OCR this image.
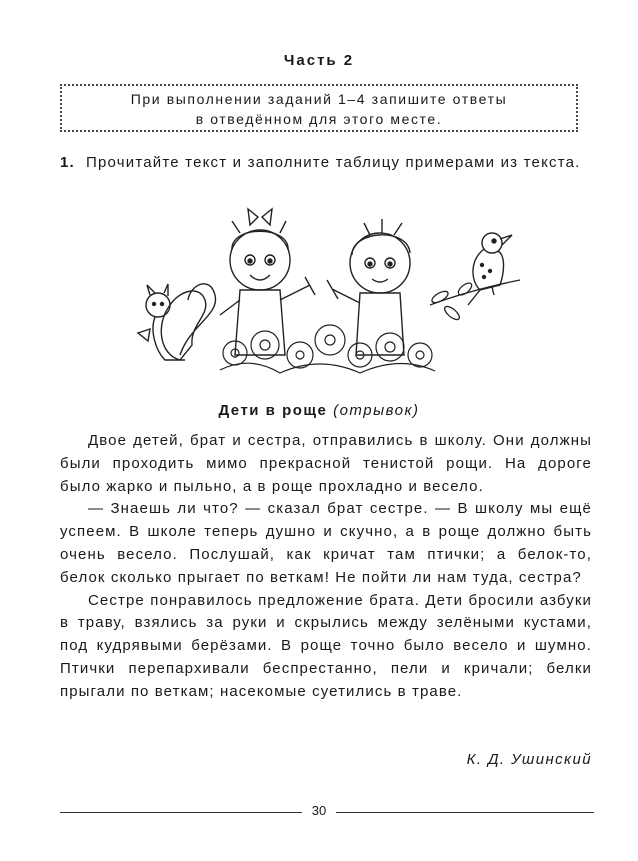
Часть 2
При выполнении заданий 1–4 запишите ответы
в отведённом для этого месте.
1. Прочитайте текст и заполните таблицу примерами из текста.
Дети в роще (отрывок)

Двое детей, брат и сестра, отправились в школу. Они должны были проходить мимо прекрасной тенистой рощи. На дороге было жарко и пыльно, а в роще прохладно и весело.

— Знаешь ли что? — сказал брат сестре. — В школу мы ещё успеем. В школе теперь душно и скучно, а в роще должно быть очень весело. Послушай, как кричат там птички; а белок-то, белок сколько прыгает по веткам! Не пойти ли нам туда, сестра?

Сестре понравилось предложение брата. Дети бросили азбуки в траву, взялись за руки и скрылись между зелёными кустами, под кудрявыми берёзами. В роще точно было весело и шумно. Птички перепархивали беспрестанно, пели и кричали; белки прыгали по веткам; насекомые суетились в траве.

К. Д. Ушинский
30
